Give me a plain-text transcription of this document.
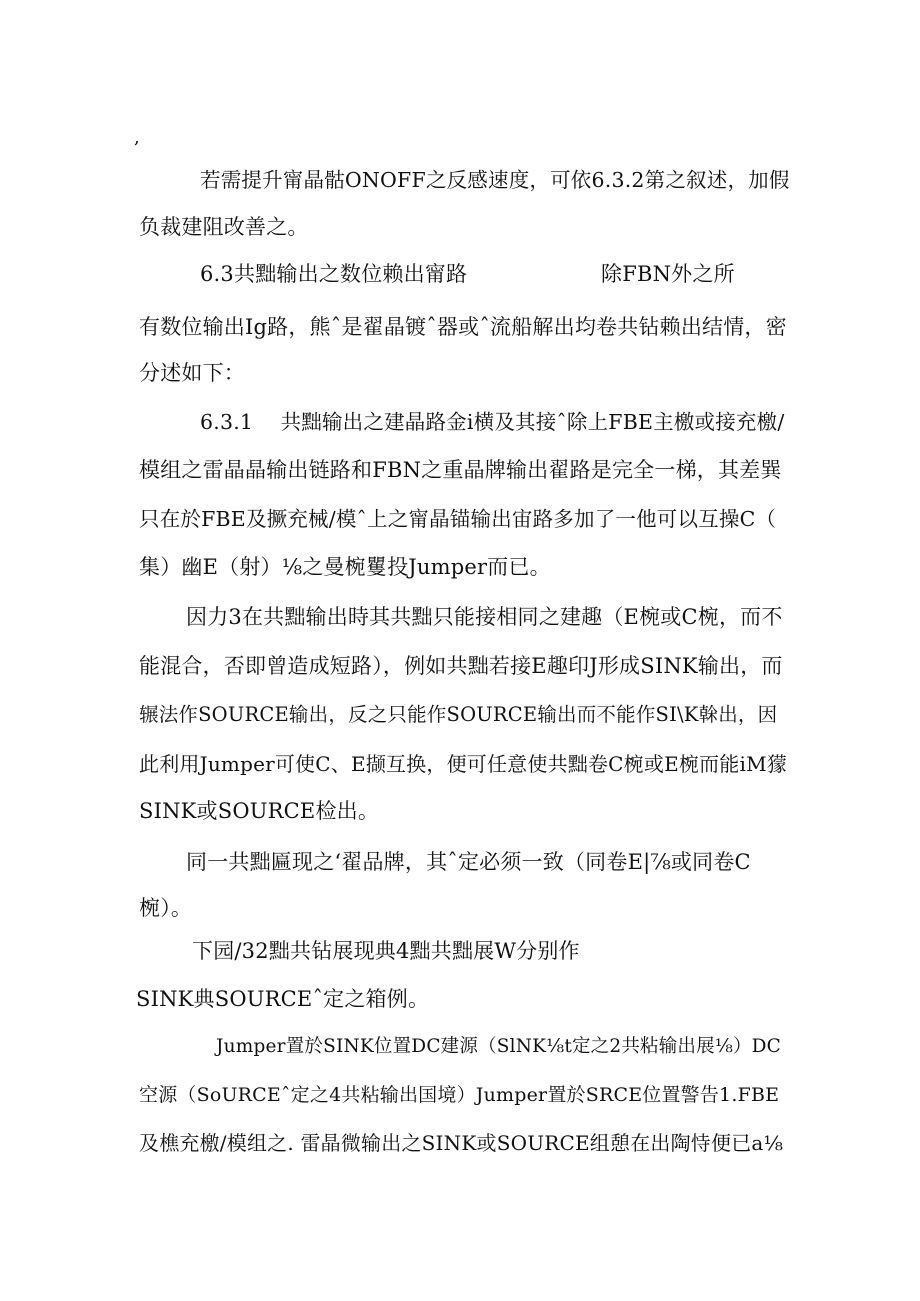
,
若需提升甯晶骷ONOFF之反感速度，可依6.3.2第之叙述，加假
负裁建阻改善之。
6.3共黜输出之数位赖出甯路	除FBN外之所
有数位输出Ig路，熊ˆ是翟晶镀ˆ器或ˆ流船解出均卷共钻赖出结情，密
分述如下：
6.3.1　 共黜输出之建晶路金i横及其接ˆ除上FBE主檄或接充檄/
模组之雷晶晶输出链路和FBN之重晶牌输出翟路是完全一梯，其差巽
只在於FBE及撅充械/模ˆ上之甯晶锚输出宙路多加了一他可以互操C（
集）幽E（射）⅛之曼椀矍投Jumper而已。
因力3在共黜输出時其共黜只能接相同之建趣（E椀或C椀，而不
能混合，否即曾造成短路），例如共黜若接E趣印J形成SINK输出，而
辗法作SOURCE输出，反之只能作SOURCE输出而不能作SI\K榦出，因
此利用Jumper可使C、E撷互换，便可任意使共黜卷C椀或E椀而能iM獴
SINK或SOURCE检出。
同一共黜匾现之‘翟品牌，其ˆ定必须一致（同卷E|⅞或同卷C
椀）。
下园/32黜共钻展现典4黜共黜展W分别作
SINK典SOURCEˆ定之箱例。
Jumper置於SINK位置DC建源（SlNK⅛t定之2共粘输出展⅛）DC
空源（SoURCEˆ定之4共粘输出国境）Jumper置於SRCE位置警告1.FBE
及樵充檄/模组之. 雷晶微输出之SINK或SOURCE组憩在出陶恃便已a⅛
